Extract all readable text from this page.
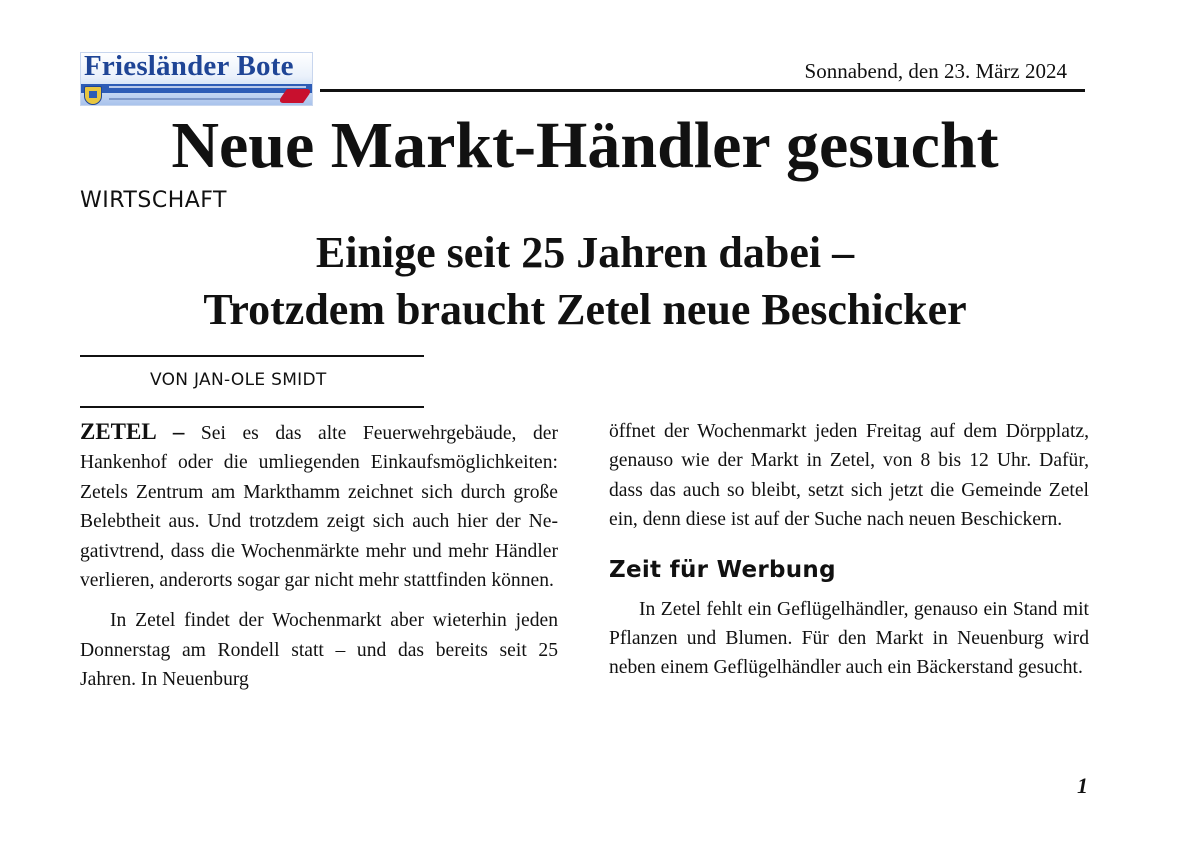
Friesländer Bote	Sonnabend, den 23. März 2024
Neue Markt-Händler gesucht
WIRTSCHAFT
Einige seit 25 Jahren dabei –
Trotzdem braucht Zetel neue Beschicker
VON JAN-OLE SMIDT

ZETEL – Sei es das alte Feuerwehrgebäude, der Hankenhof oder die umliegenden Einkaufsmöglichkeiten: Zetels Zentrum am Markthamm zeichnet sich durch große Belebtheit aus. Und trotzdem zeigt sich auch hier der Negativtrend, dass die Wochenmärkte mehr und mehr Händler verlieren, anderorts sogar gar nicht mehr stattfinden können.

In Zetel findet der Wochenmarkt aber wieterhin jeden Donnerstag am Rondell statt – und das bereits seit 25 Jahren. In Neuenburg

öffnet der Wochenmarkt jeden Freitag auf dem Dörpplatz, genauso wie der Markt in Zetel, von 8 bis 12 Uhr. Dafür, dass das auch so bleibt, setzt sich jetzt die Gemeinde Zetel ein, denn diese ist auf der Suche nach neuen Beschickern.

Zeit für Werbung

In Zetel fehlt ein Geflügelhändler, genauso ein Stand mit Pflanzen und Blumen. Für den Markt in Neuenburg wird neben einem Geflügelhändler auch ein Bäckerstand gesucht.

1
